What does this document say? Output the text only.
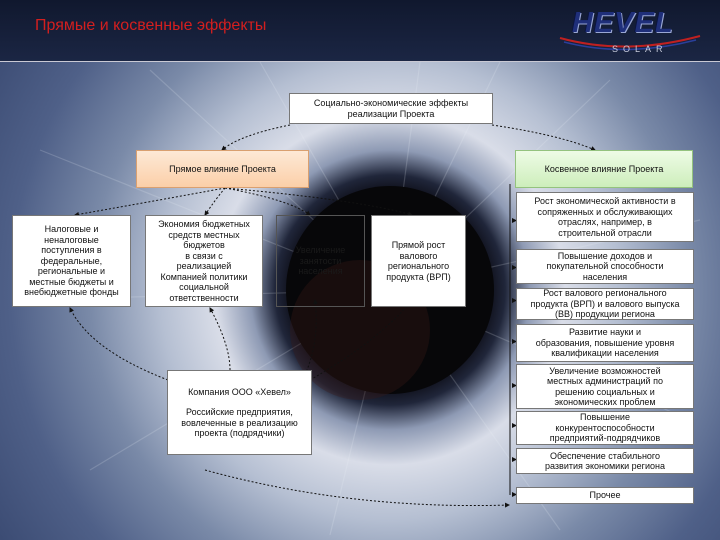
Прямые и косвенные эффекты	HEVEL
SOLAR
Социально-экономические эффекты
реализации Проекта
Прямое влияние Проекта	Косвенное влияние Проекта
Налоговые и
неналоговые
поступления в
федеральные,
региональные и
местные бюджеты и
внебюджетные фонды
Экономия бюджетных
средств местных
бюджетов
в связи с
реализацией
Компанией политики
социальной
ответственности
Увеличение
занятости
населения
Прямой рост
валового
регионального
продукта (ВРП)
Компания ООО «Хевел»
Российские предприятия,
вовлеченные в реализацию
проекта (подрядчики)
Рост экономической активности в
сопряженных и обслуживающих
отраслях, например, в
строительной отрасли
Повышение доходов и
покупательной способности
населения
Рост валового регионального
продукта (ВРП) и валового выпуска
(ВВ) продукции региона
Развитие науки и
образования, повышение уровня
квалификации населения
Увеличение возможностей
местных администраций по
решению социальных и
экономических проблем
Повышение
конкурентоспособности
предприятий-подрядчиков
Обеспечение стабильного
развития экономики региона
Прочее
